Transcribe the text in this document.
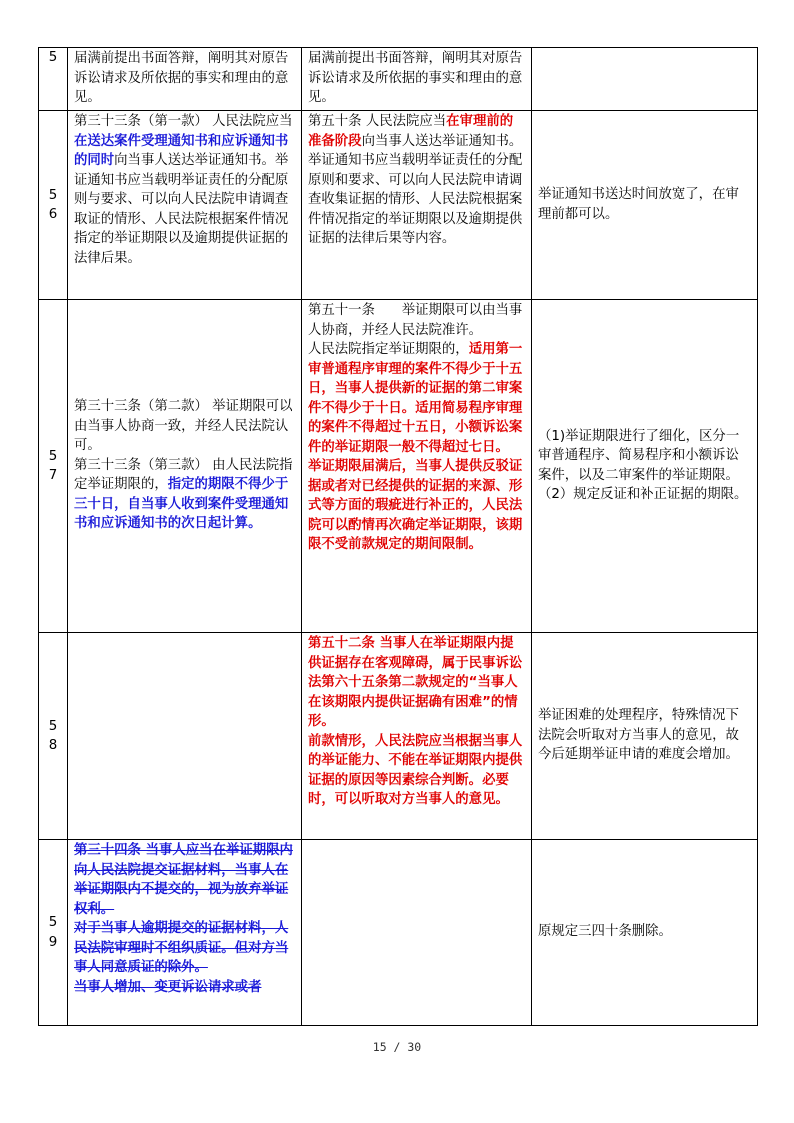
5	届满前提出书面答辩，阐明其对原告诉讼请求及所依据的事实和理由的意见。	届满前提出书面答辩，阐明其对原告诉讼请求及所依据的事实和理由的意见。	

56	第三十三条（第一款） 人民法院应当在送达案件受理通知书和应诉通知书的同时向当事人送达举证通知书。举证通知书应当载明举证责任的分配原则与要求、可以向人民法院申请调查取证的情形、人民法院根据案件情况指定的举证期限以及逾期提供证据的法律后果。	第五十条 人民法院应当在审理前的准备阶段向当事人送达举证通知书。
举证通知书应当载明举证责任的分配原则和要求、可以向人民法院申请调查收集证据的情形、人民法院根据案件情况指定的举证期限以及逾期提供证据的法律后果等内容。	举证通知书送达时间放宽了，在审理前都可以。

57	第三十三条（第二款） 举证期限可以由当事人协商一致，并经人民法院认可。
第三十三条（第三款） 由人民法院指定举证期限的，指定的期限不得少于三十日，自当事人收到案件受理通知书和应诉通知书的次日起计算。	第五十一条　　举证期限可以由当事人协商，并经人民法院准许。
人民法院指定举证期限的，适用第一审普通程序审理的案件不得少于十五日，当事人提供新的证据的第二审案件不得少于十日。适用简易程序审理的案件不得超过十五日，小额诉讼案件的举证期限一般不得超过七日。
举证期限届满后，当事人提供反驳证据或者对已经提供的证据的来源、形式等方面的瑕疵进行补正的，人民法院可以酌情再次确定举证期限，该期限不受前款规定的期间限制。	（1)举证期限进行了细化，区分一审普通程序、简易程序和小额诉讼案件，以及二审案件的举证期限。
（2）规定反证和补正证据的期限。

58		第五十二条 当事人在举证期限内提供证据存在客观障碍，属于民事诉讼法第六十五条第二款规定的“当事人在该期限内提供证据确有困难”的情形。
前款情形，人民法院应当根据当事人的举证能力、不能在举证期限内提供证据的原因等因素综合判断。必要时，可以听取对方当事人的意见。	举证困难的处理程序，特殊情况下法院会听取对方当事人的意见，故今后延期举证申请的难度会增加。

59	第三十四条 当事人应当在举证期限内向人民法院提交证据材料，当事人在举证期限内不提交的，视为放弃举证权利。
对于当事人逾期提交的证据材料，人民法院审理时不组织质证。但对方当事人同意质证的除外。
当事人增加、变更诉讼请求或者		原规定三四十条删除。
15 / 30
